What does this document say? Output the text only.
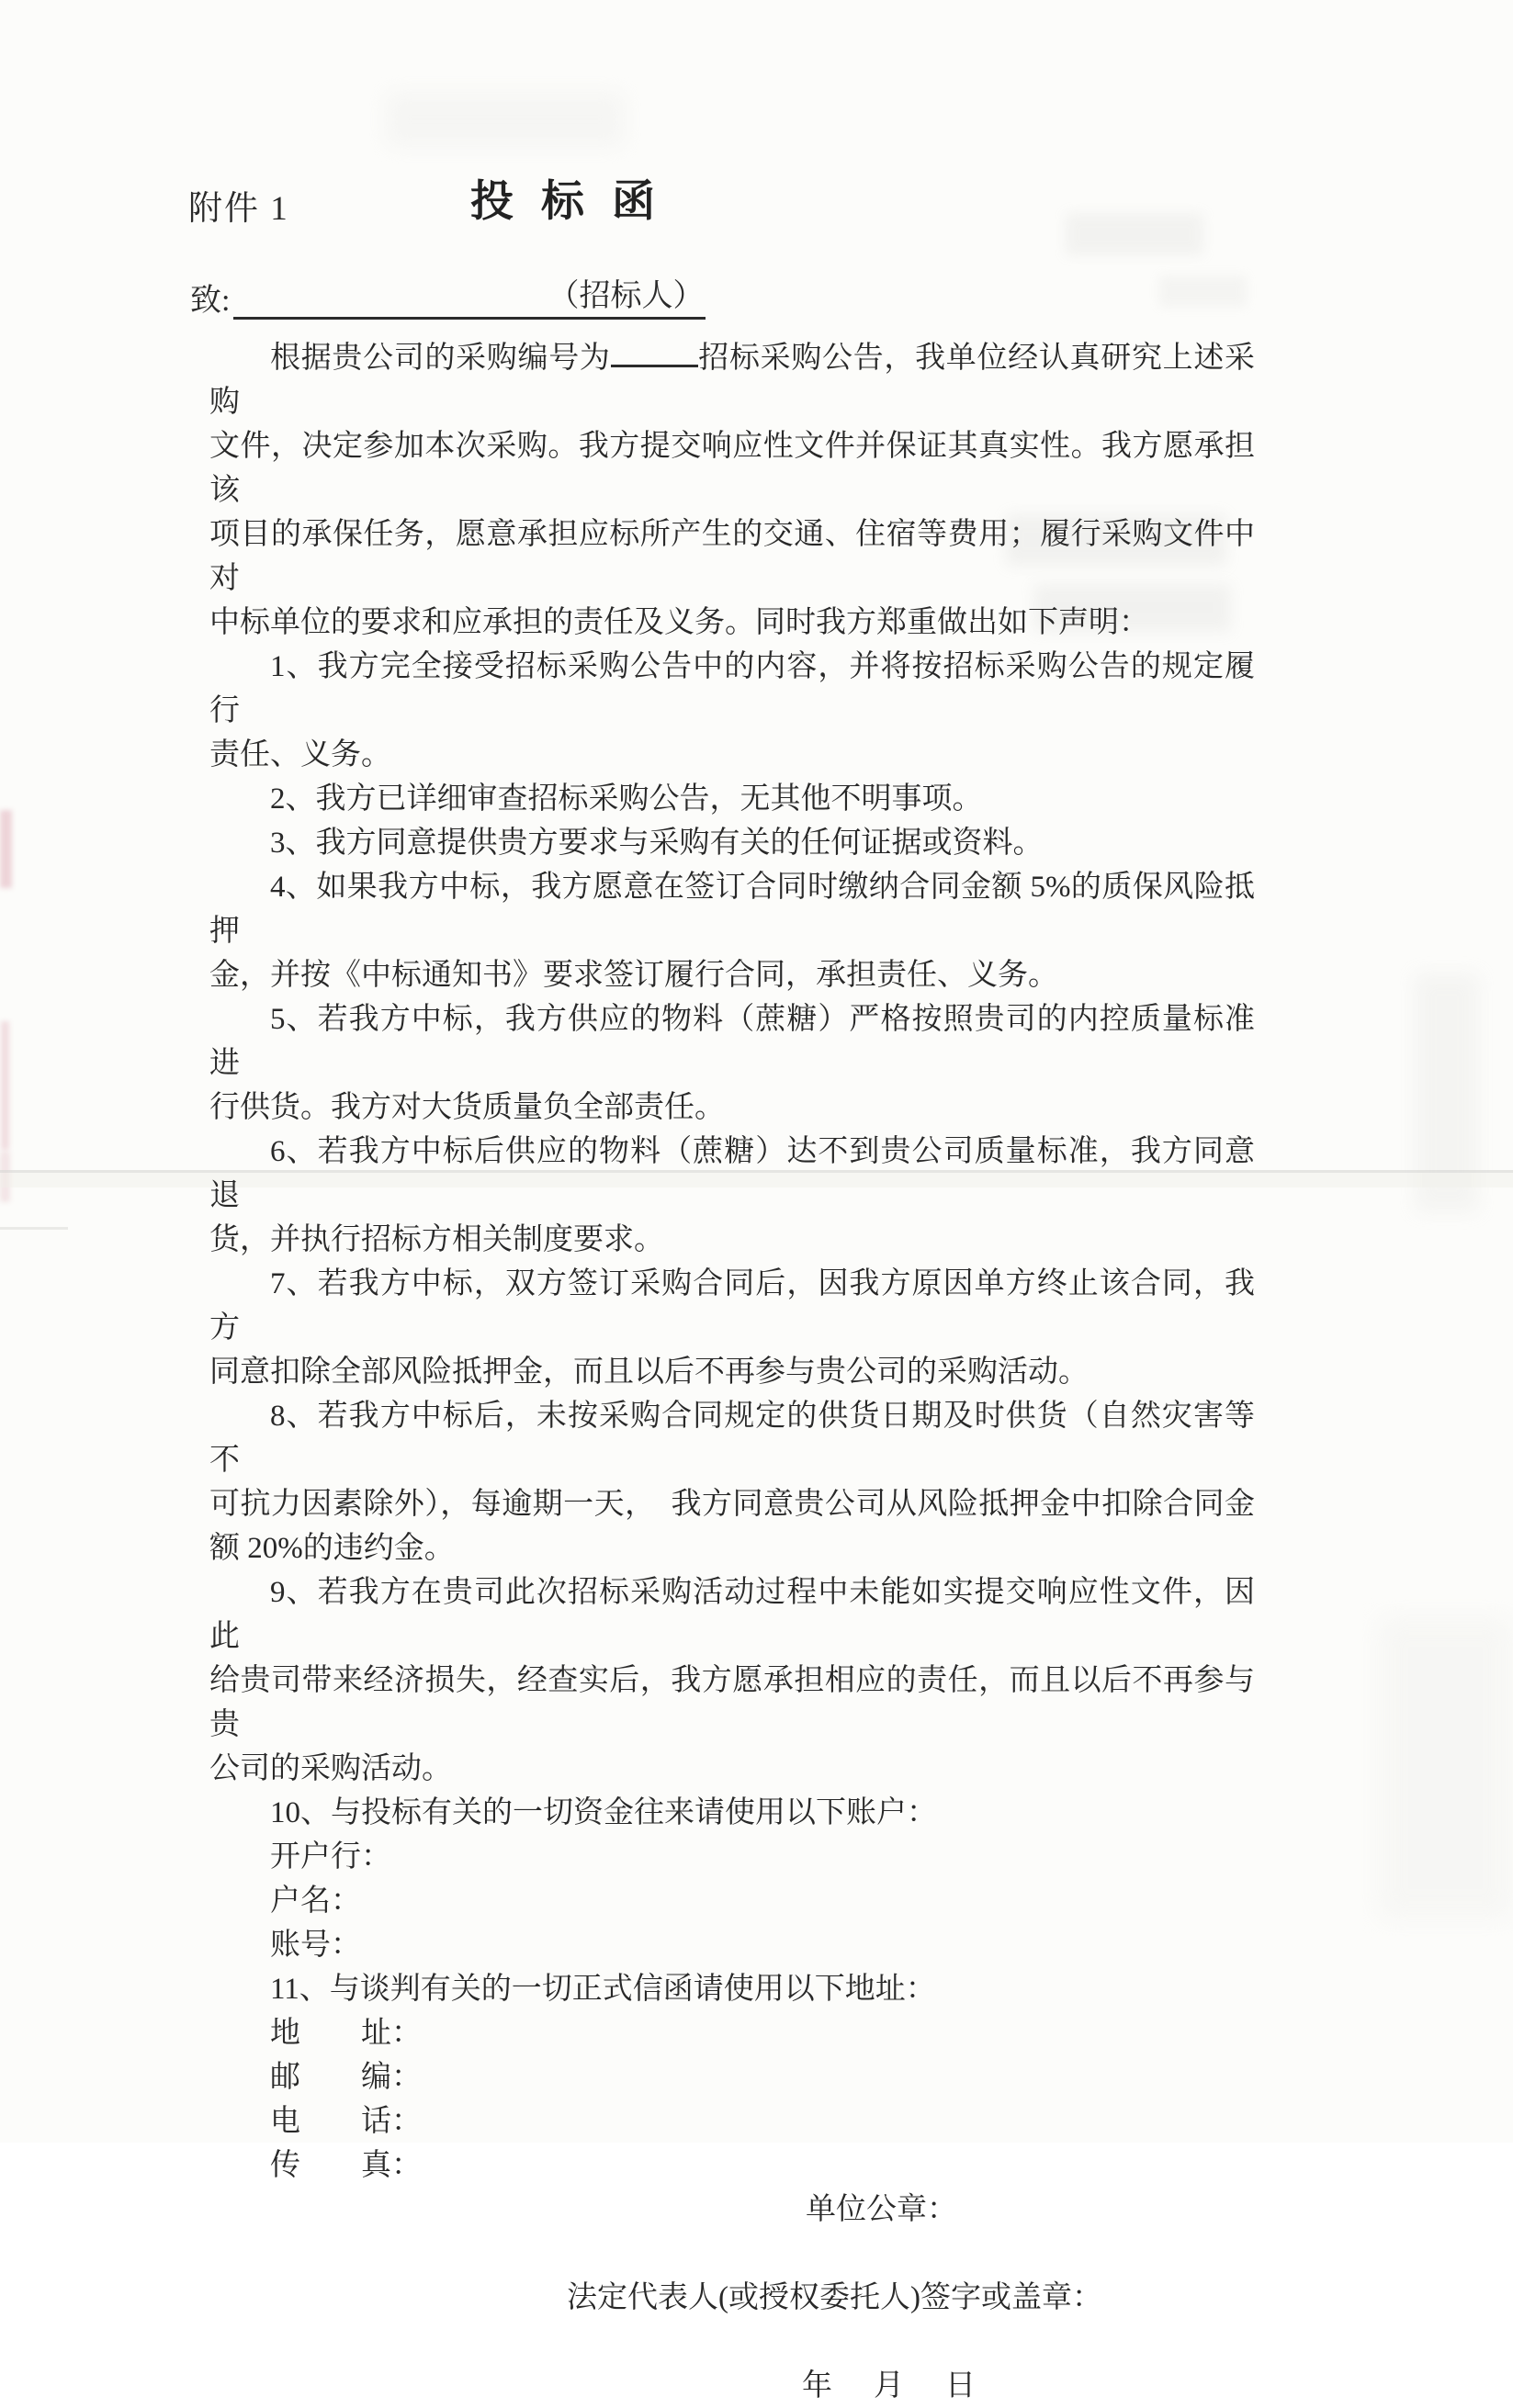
附件 1	投标函
致:	（招标人）
根据贵公司的采购编号为	招标采购公告，我单位经认真研究上述采购
文件，决定参加本次采购。我方提交响应性文件并保证其真实性。我方愿承担该
项目的承保任务，愿意承担应标所产生的交通、住宿等费用；履行采购文件中对
中标单位的要求和应承担的责任及义务。同时我方郑重做出如下声明：
1、我方完全接受招标采购公告中的内容，并将按招标采购公告的规定履行
责任、义务。
2、我方已详细审查招标采购公告，无其他不明事项。
3、我方同意提供贵方要求与采购有关的任何证据或资料。
4、如果我方中标，我方愿意在签订合同时缴纳合同金额 5%的质保风险抵押
金，并按《中标通知书》要求签订履行合同，承担责任、义务。
5、若我方中标，我方供应的物料（蔗糖）严格按照贵司的内控质量标准进
行供货。我方对大货质量负全部责任。
6、若我方中标后供应的物料（蔗糖）达不到贵公司质量标准，我方同意退
货，并执行招标方相关制度要求。
7、若我方中标，双方签订采购合同后，因我方原因单方终止该合同，我方
同意扣除全部风险抵押金，而且以后不再参与贵公司的采购活动。
8、若我方中标后，未按采购合同规定的供货日期及时供货（自然灾害等不
可抗力因素除外），每逾期一天，　我方同意贵公司从风险抵押金中扣除合同金
额 20%的违约金。
9、若我方在贵司此次招标采购活动过程中未能如实提交响应性文件，因此
给贵司带来经济损失，经查实后，我方愿承担相应的责任，而且以后不再参与贵
公司的采购活动。
10、与投标有关的一切资金往来请使用以下账户：
开户行：
户名：
账号：
11、与谈判有关的一切正式信函请使用以下地址：
地　　址：
邮　　编：
电　　话：
传　　真：
单位公章：
法定代表人(或授权委托人)签字或盖章：
年　月　日
